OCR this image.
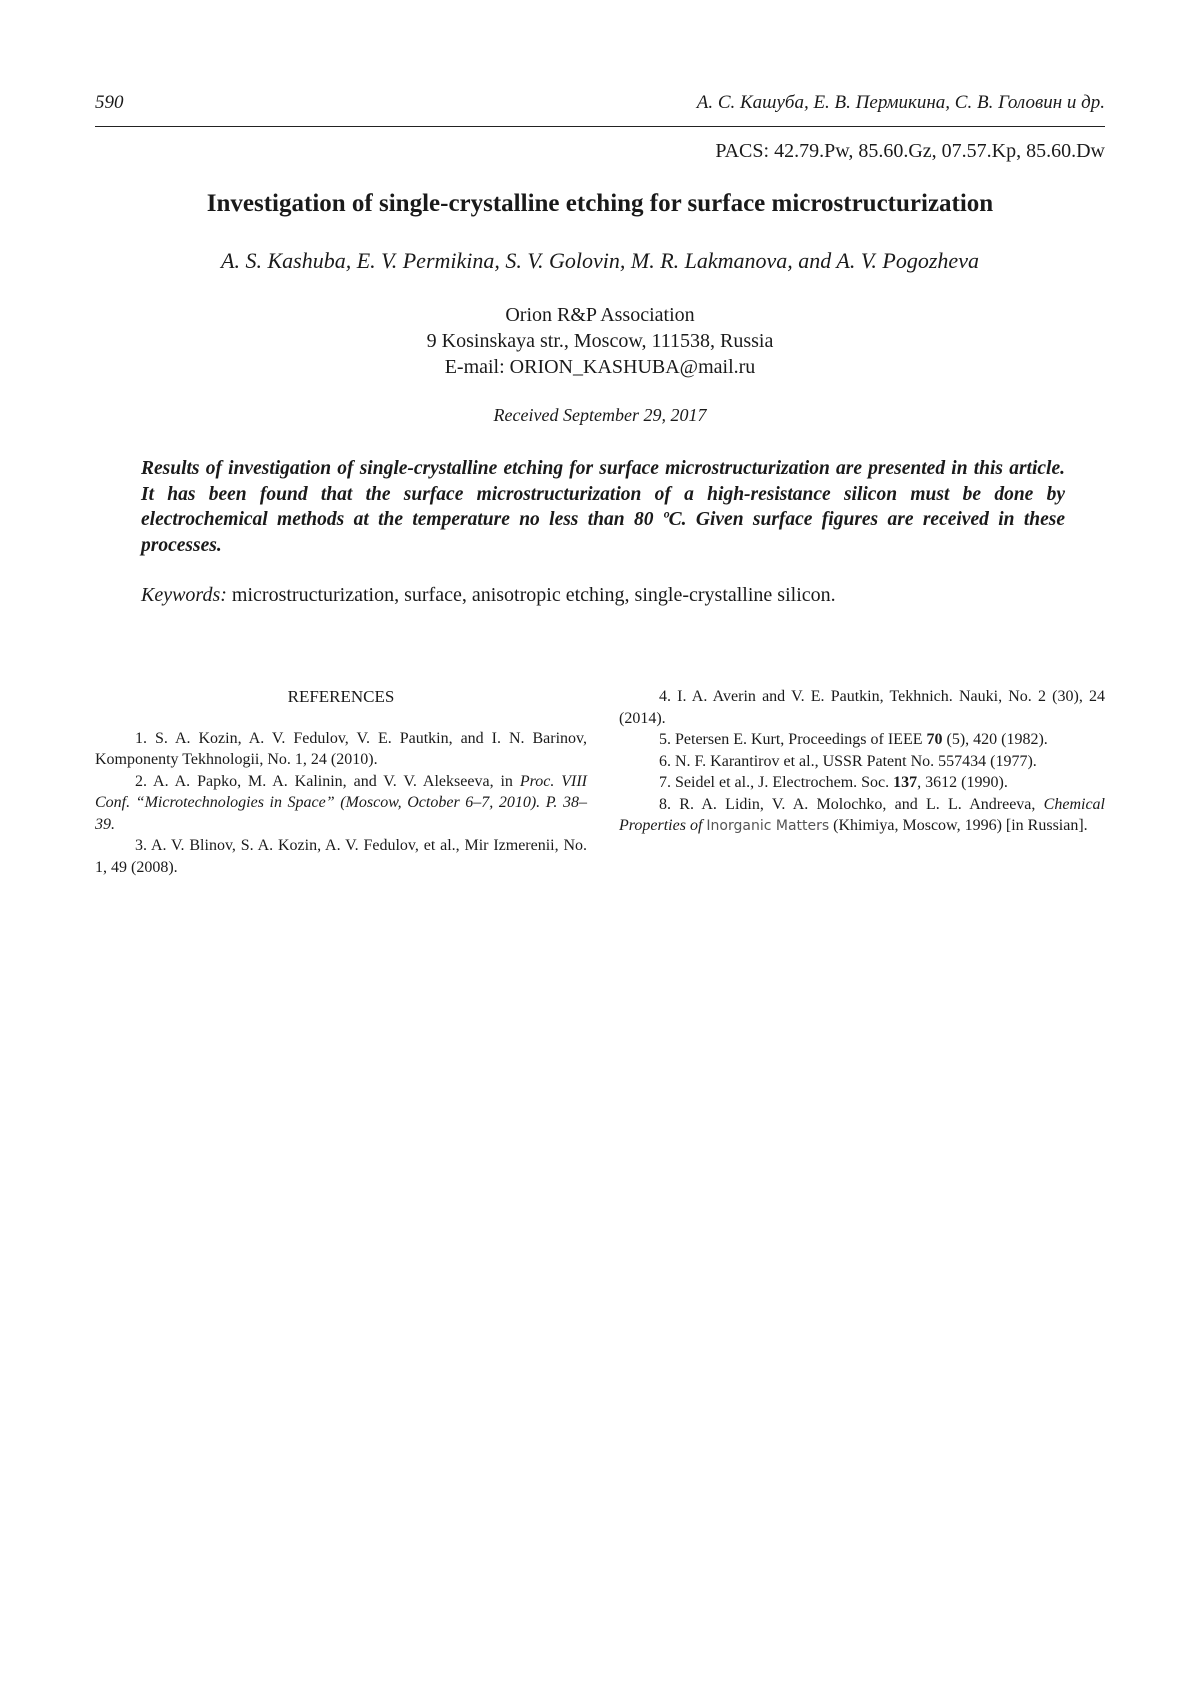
590	А. С. Кашуба, Е. В. Пермикина, С. В. Головин и др.
PACS: 42.79.Pw, 85.60.Gz, 07.57.Kp, 85.60.Dw
Investigation of single-crystalline etching for surface microstructurization
A. S. Kashuba, E. V. Permikina, S. V. Golovin, M. R. Lakmanova, and A. V. Pogozheva
Orion R&P Association
9 Kosinskaya str., Moscow, 111538, Russia
E-mail: ORION_KASHUBA@mail.ru
Received September 29, 2017
Results of investigation of single-crystalline etching for surface microstructurization are presented in this article. It has been found that the surface microstructurization of a high-resistance silicon must be done by electrochemical methods at the temperature no less than 80 ºC. Given surface figures are received in these processes.
Keywords: microstructurization, surface, anisotropic etching, single-crystalline silicon.
REFERENCES

1. S. A. Kozin, A. V. Fedulov, V. E. Pautkin, and I. N. Barinov, Komponenty Tekhnologii, No. 1, 24 (2010).

2. A. A. Papko, M. A. Kalinin, and V. V. Alekseeva, in Proc. VIII Conf. “Microtechnologies in Space” (Moscow, October 6–7, 2010). P. 38–39.

3. A. V. Blinov, S. A. Kozin, A. V. Fedulov, et al., Mir Izmerenii, No. 1, 49 (2008).

4. I. A. Averin and V. E. Pautkin, Tekhnich. Nauki, No. 2 (30), 24 (2014).

5. Petersen E. Kurt, Proceedings of IEEE 70 (5), 420 (1982).

6. N. F. Karantirov et al., USSR Patent No. 557434 (1977).

7. Seidel et al., J. Electrochem. Soc. 137, 3612 (1990).

8. R. A. Lidin, V. A. Molochko, and L. L. Andreeva, Chemical Properties of Inorganic Matters (Khimiya, Moscow, 1996) [in Russian].
